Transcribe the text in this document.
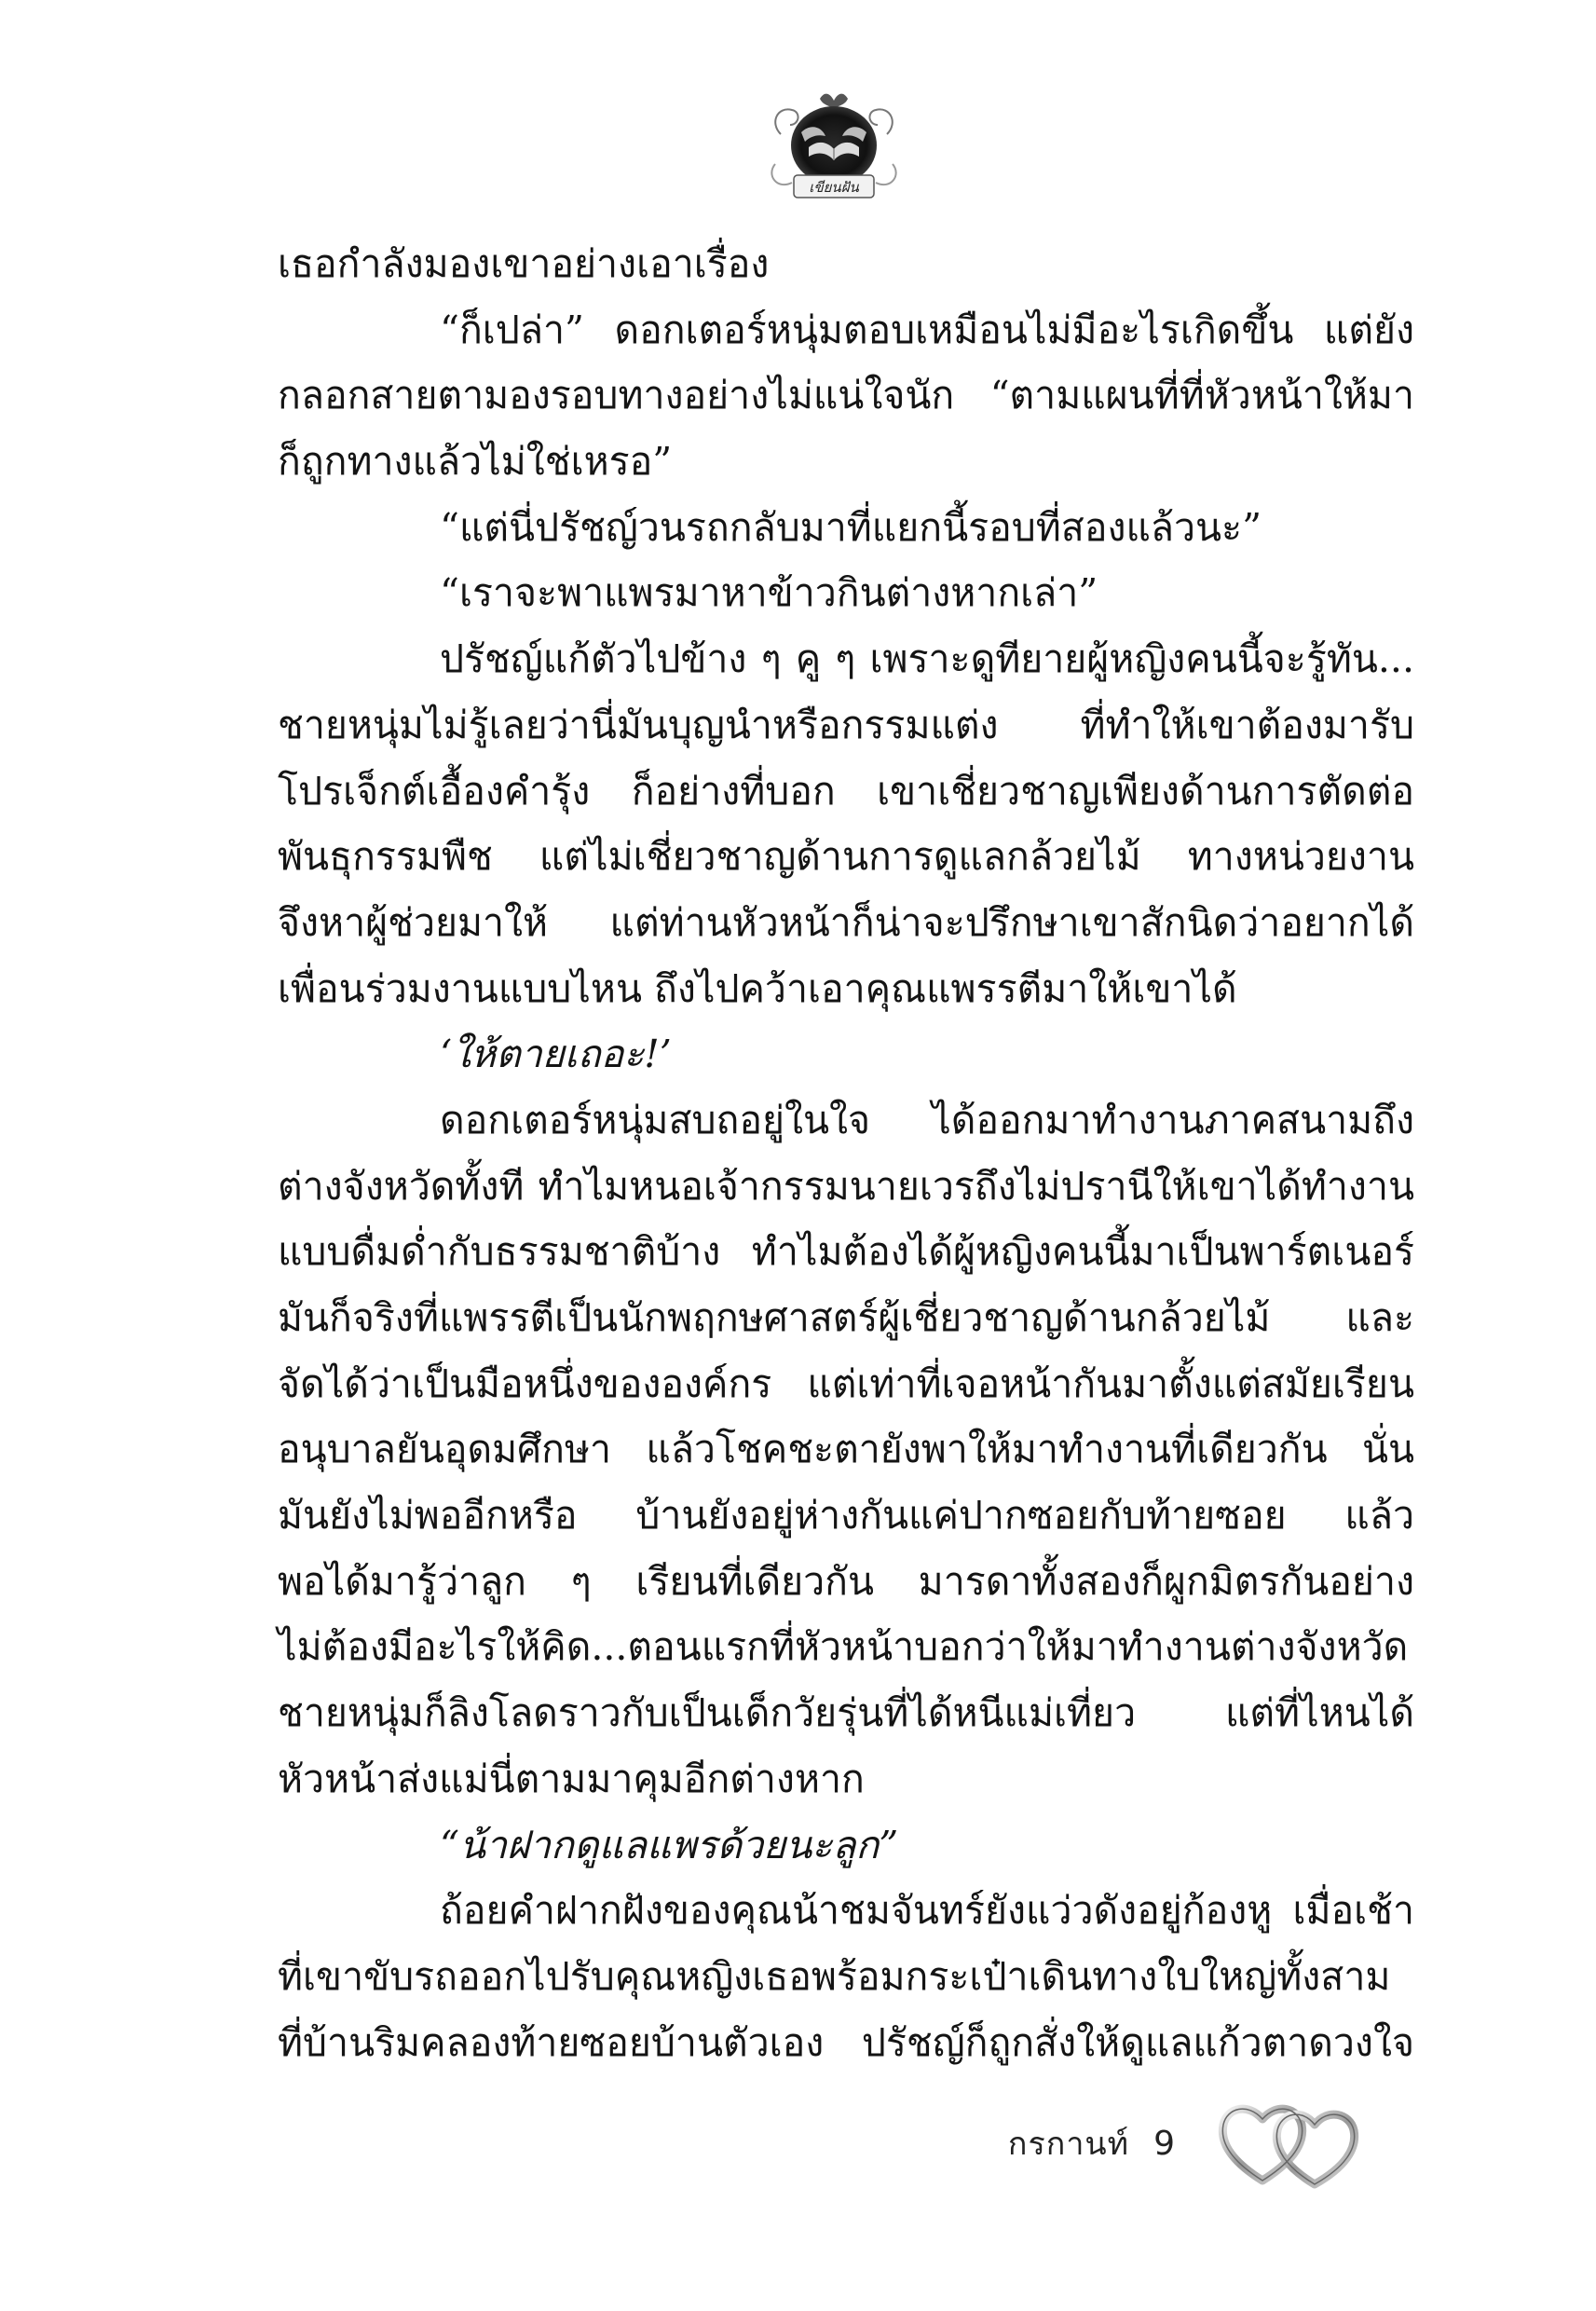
เขียนฝัน
เธอกำลังมองเขาอย่างเอาเรื่อง
“ก็เปล่า” ดอกเตอร์หนุ่มตอบเหมือนไม่มีอะไรเกิดขึ้น แต่ยัง
กลอกสายตามองรอบทางอย่างไม่แน่ใจนัก “ตามแผนที่ที่หัวหน้าให้มา
ก็ถูกทางแล้วไม่ใช่เหรอ”
“แต่นี่ปรัชญ์วนรถกลับมาที่แยกนี้รอบที่สองแล้วนะ”
“เราจะพาแพรมาหาข้าวกินต่างหากเล่า”
ปรัชญ์แก้ตัวไปข้าง ๆ คู ๆ เพราะดูทียายผู้หญิงคนนี้จะรู้ทัน...
ชายหนุ่มไม่รู้เลยว่านี่มันบุญนำหรือกรรมแต่ง ที่ทำให้เขาต้องมารับ
โปรเจ็กต์เอื้องคำรุ้ง ก็อย่างที่บอก เขาเชี่ยวชาญเพียงด้านการตัดต่อ
พันธุกรรมพืช แต่ไม่เชี่ยวชาญด้านการดูแลกล้วยไม้ ทางหน่วยงาน
จึงหาผู้ช่วยมาให้ แต่ท่านหัวหน้าก็น่าจะปรึกษาเขาสักนิดว่าอยากได้
เพื่อนร่วมงานแบบไหน ถึงไปคว้าเอาคุณแพรรตีมาให้เขาได้
‘ให้ตายเถอะ!’
ดอกเตอร์หนุ่มสบถอยู่ในใจ ได้ออกมาทำงานภาคสนามถึง
ต่างจังหวัดทั้งที ทำไมหนอเจ้ากรรมนายเวรถึงไม่ปรานีให้เขาได้ทำงาน
แบบดื่มด่ำกับธรรมชาติบ้าง ทำไมต้องได้ผู้หญิงคนนี้มาเป็นพาร์ตเนอร์
มันก็จริงที่แพรรตีเป็นนักพฤกษศาสตร์ผู้เชี่ยวชาญด้านกล้วยไม้ และ
จัดได้ว่าเป็นมือหนึ่งขององค์กร แต่เท่าที่เจอหน้ากันมาตั้งแต่สมัยเรียน
อนุบาลยันอุดมศึกษา แล้วโชคชะตายังพาให้มาทำงานที่เดียวกัน นั่น
มันยังไม่พออีกหรือ บ้านยังอยู่ห่างกันแค่ปากซอยกับท้ายซอย แล้ว
พอได้มารู้ว่าลูก ๆ เรียนที่เดียวกัน มารดาทั้งสองก็ผูกมิตรกันอย่าง
ไม่ต้องมีอะไรให้คิด...ตอนแรกที่หัวหน้าบอกว่าให้มาทำงานต่างจังหวัด
ชายหนุ่มก็ลิงโลดราวกับเป็นเด็กวัยรุ่นที่ได้หนีแม่เที่ยว แต่ที่ไหนได้
หัวหน้าส่งแม่นี่ตามมาคุมอีกต่างหาก
“น้าฝากดูแลแพรด้วยนะลูก”
ถ้อยคำฝากฝังของคุณน้าชมจันทร์ยังแว่วดังอยู่ก้องหู เมื่อเช้า
ที่เขาขับรถออกไปรับคุณหญิงเธอพร้อมกระเป๋าเดินทางใบใหญ่ทั้งสาม
ที่บ้านริมคลองท้ายซอยบ้านตัวเอง ปรัชญ์ก็ถูกสั่งให้ดูแลแก้วตาดวงใจ
กรกานท์ 9
